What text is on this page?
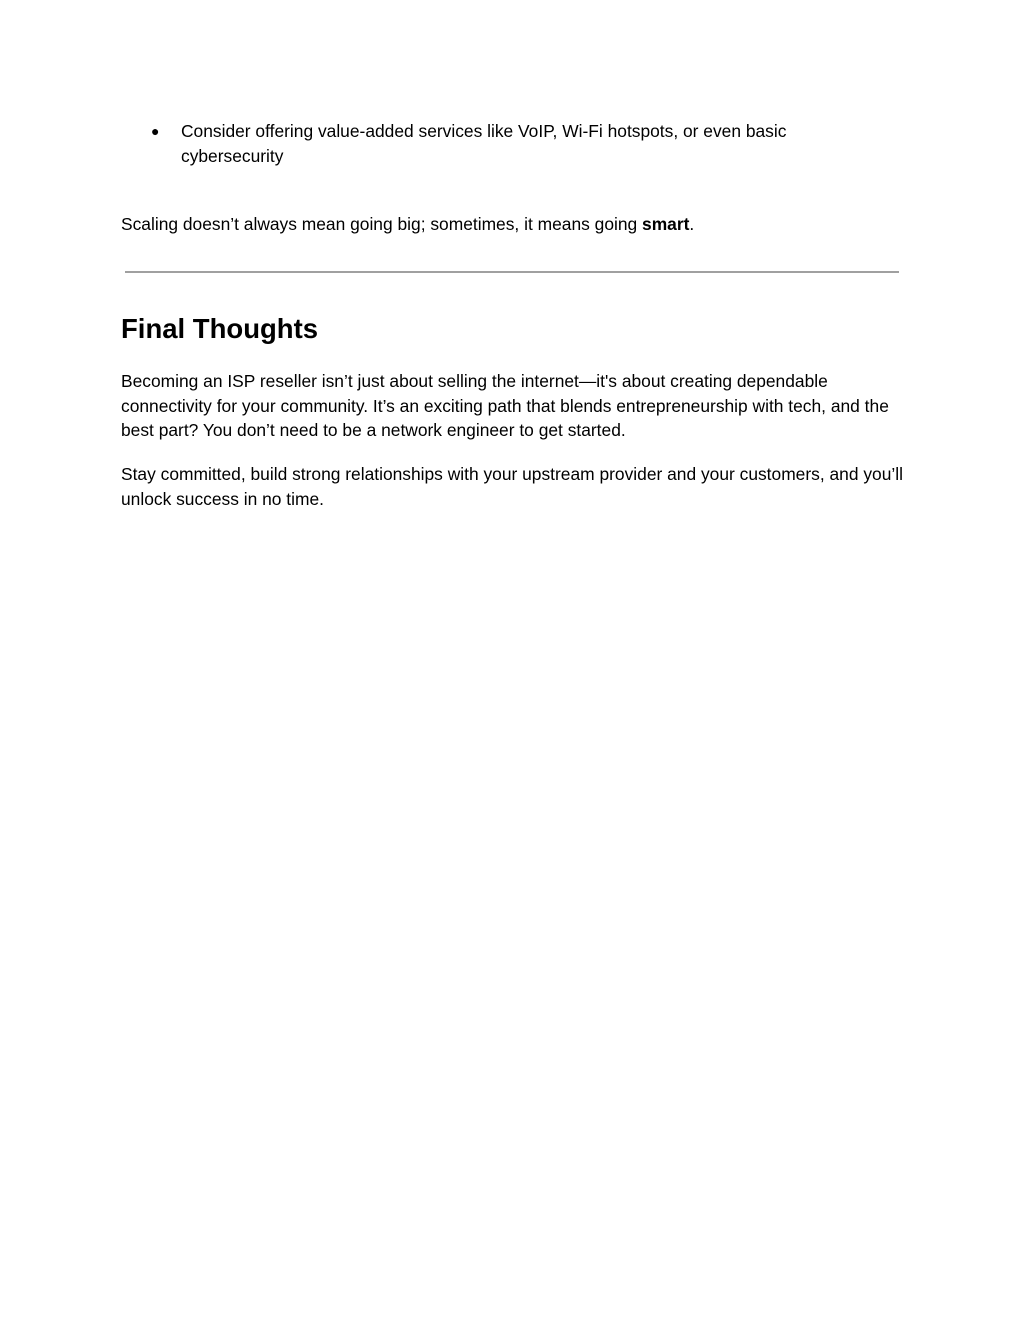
● Consider offering value-added services like VoIP, Wi-Fi hotspots, or even basic cybersecurity

Scaling doesn’t always mean going big; sometimes, it means going smart.

Final Thoughts

Becoming an ISP reseller isn’t just about selling the internet—it's about creating dependable connectivity for your community. It’s an exciting path that blends entrepreneurship with tech, and the best part? You don’t need to be a network engineer to get started.

Stay committed, build strong relationships with your upstream provider and your customers, and you’ll unlock success in no time.
